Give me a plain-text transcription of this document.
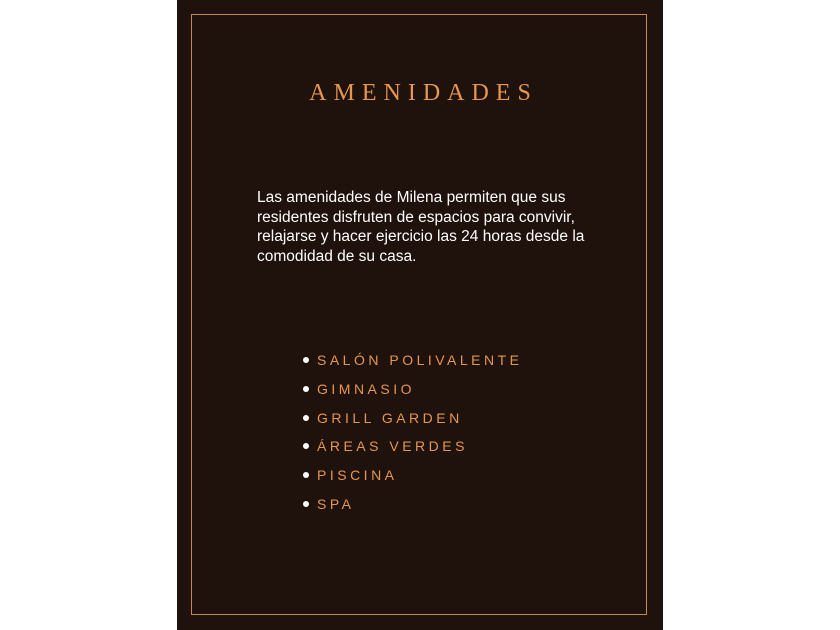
AMENIDADES

Las amenidades de Milena permiten que sus residentes disfruten de espacios para convivir, relajarse y hacer ejercicio las 24 horas desde la comodidad de su casa.

SALÓN POLIVALENTE
GIMNASIO
GRILL GARDEN
ÁREAS VERDES
PISCINA
SPA
